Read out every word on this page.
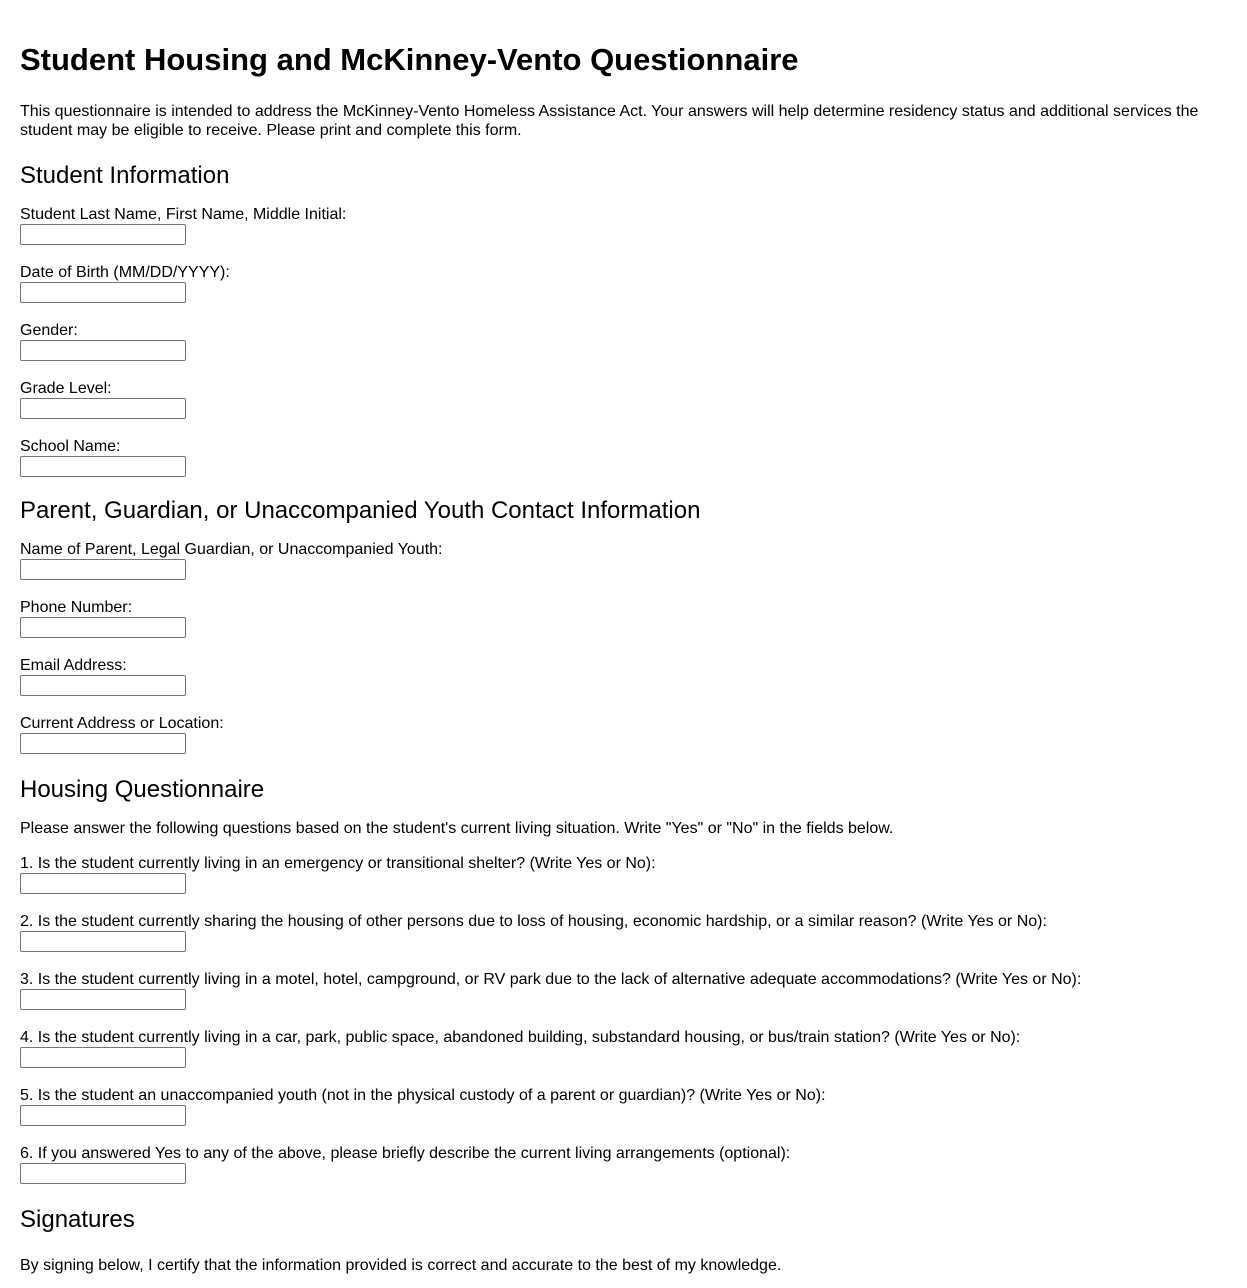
Student Housing and McKinney-Vento Questionnaire

This questionnaire is intended to address the McKinney-Vento Homeless Assistance Act. Your answers will help determine residency status and additional services the student may be eligible to receive. Please print and complete this form.

Student Information
Student Last Name, First Name, Middle Initial:
Date of Birth (MM/DD/YYYY):
Gender:
Grade Level:
School Name:
Parent, Guardian, or Unaccompanied Youth Contact Information
Name of Parent, Legal Guardian, or Unaccompanied Youth:
Phone Number:
Email Address:
Current Address or Location:
Housing Questionnaire

Please answer the following questions based on the student's current living situation. Write "Yes" or "No" in the fields below.

1. Is the student currently living in an emergency or transitional shelter? (Write Yes or No):
2. Is the student currently sharing the housing of other persons due to loss of housing, economic hardship, or a similar reason? (Write Yes or No):
3. Is the student currently living in a motel, hotel, campground, or RV park due to the lack of alternative adequate accommodations? (Write Yes or No):
4. Is the student currently living in a car, park, public space, abandoned building, substandard housing, or bus/train station? (Write Yes or No):
5. Is the student an unaccompanied youth (not in the physical custody of a parent or guardian)? (Write Yes or No):
6. If you answered Yes to any of the above, please briefly describe the current living arrangements (optional):
Signatures

By signing below, I certify that the information provided is correct and accurate to the best of my knowledge.
